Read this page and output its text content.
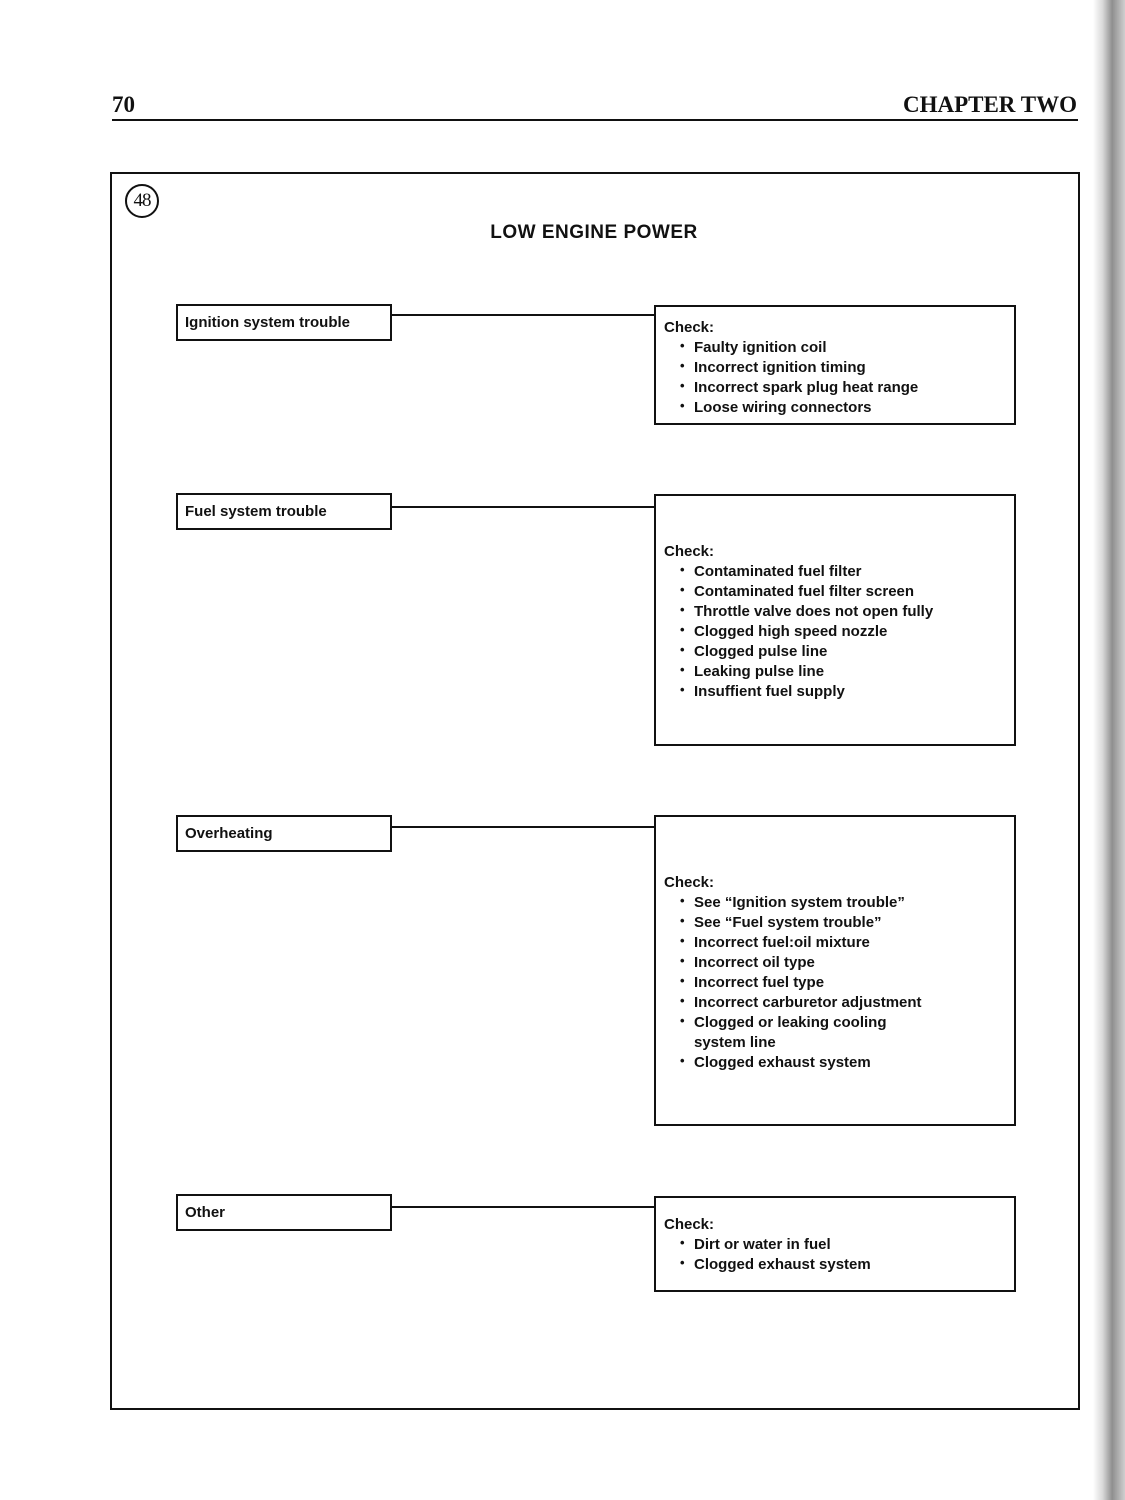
70	CHAPTER TWO
48
LOW ENGINE POWER
Ignition system trouble	Check:
• Faulty ignition coil
• Incorrect ignition timing
• Incorrect spark plug heat range
• Loose wiring connectors
Fuel system trouble
Check:
• Contaminated fuel filter
• Contaminated fuel filter screen
• Throttle valve does not open fully
• Clogged high speed nozzle
• Clogged pulse line
• Leaking pulse line
• Insuffient fuel supply
Overheating
Check:
• See “Ignition system trouble”
• See “Fuel system trouble”
• Incorrect fuel:oil mixture
• Incorrect oil type
• Incorrect fuel type
• Incorrect carburetor adjustment
• Clogged or leaking cooling system line
• Clogged exhaust system
Other
Check:
• Dirt or water in fuel
• Clogged exhaust system
